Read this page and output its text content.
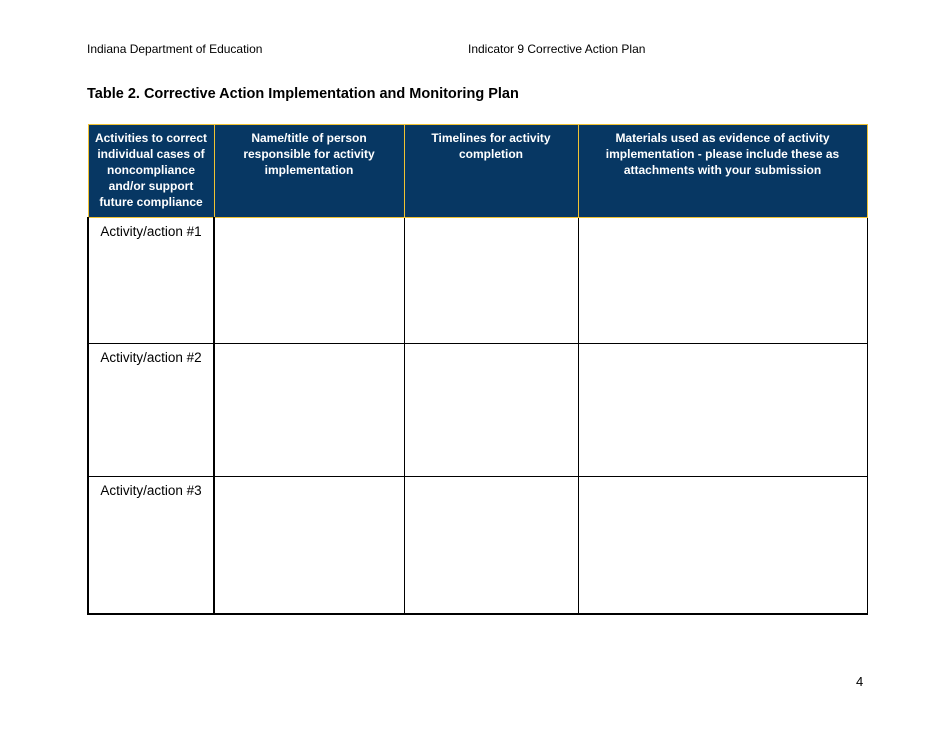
Indiana Department of Education	Indicator 9 Corrective Action Plan
Table 2. Corrective Action Implementation and Monitoring Plan
Activities to correct individual cases of noncompliance and/or support future compliance	Name/title of person responsible for activity implementation	Timelines for activity completion	Materials used as evidence of activity implementation - please include these as attachments with your submission
Activity/action #1			
Activity/action #2			
Activity/action #3			
4
